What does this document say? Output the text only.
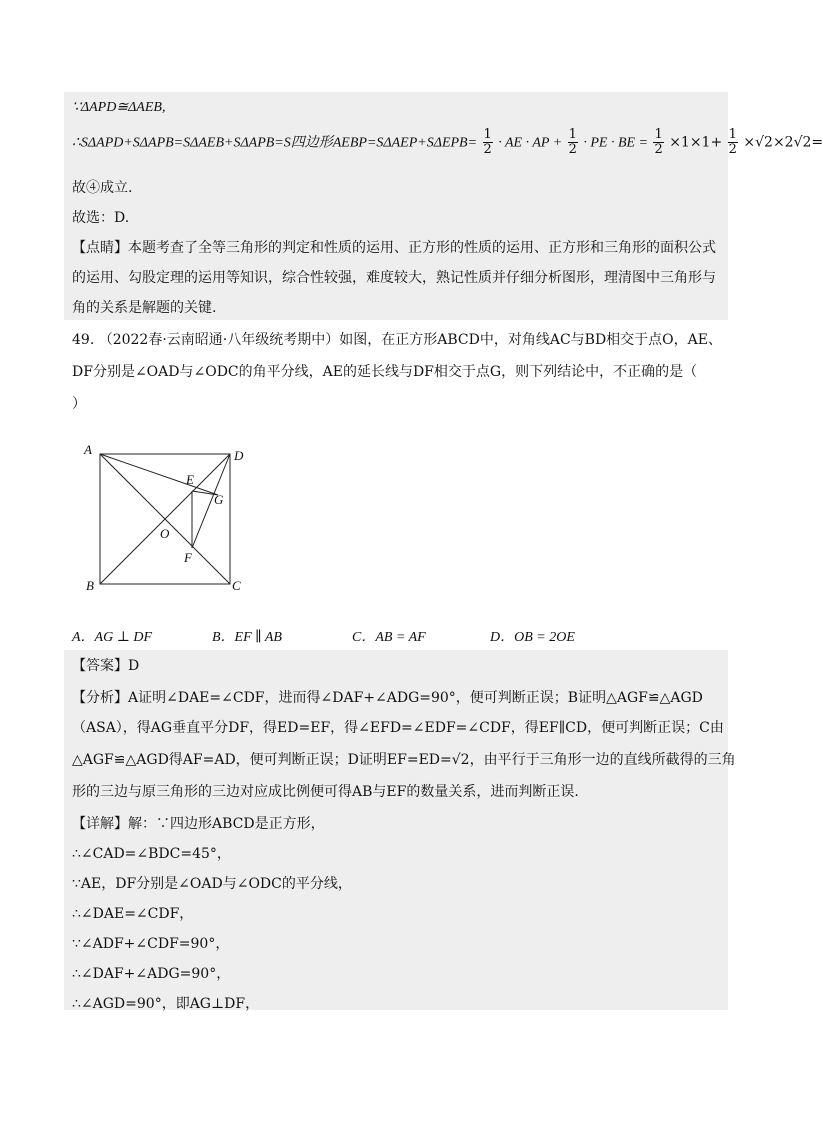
∵ΔAPD≅ΔAEB,
∴SΔAPD+SΔAPB=SΔAEB+SΔAPB=S四边形AEBP=SΔAEP+SΔEPB= $\frac{1}{2}$ · AE · AP + $\frac{1}{2}$ · PE · BE = $\frac{1}{2} \times 1\times 1+ \frac{1}{2} \times√2\times 2√2=$
故④成立.
故选：D.
【点睛】本题考查了全等三角形的判定和性质的运用、正方形的性质的运用、正方形和三角形的面积公式
的运用、勾股定理的运用等知识，综合性较强，难度较大，熟记性质并仔细分析图形，理清图中三角形与
角的关系是解题的关键.
49. （2022春·云南昭通·八年级统考期中）如图，在正方形ABCD中，对角线AC与BD相交于点O，AE、
DF分别是∠OAD与∠ODC的角平分线，AE的延长线与DF相交于点G，则下列结论中，不正确的是（
）
A	D
B	C
E
G
O
F
A．AG ⊥ DF	B．EF ∥ AB	C．AB = AF	D．OB = 2OE
【答案】D
【分析】A证明∠DAE=∠CDF，进而得∠DAF+∠ADG=90°，便可判断正误；B证明△AGF≌△AGD
（ASA），得AG垂直平分DF，得ED=EF，得∠EFD=∠EDF=∠CDF，得EF∥CD，便可判断正误；C由
△AGF≌△AGD得AF=AD，便可判断正误；D证明EF=ED=√2，由平行于三角形一边的直线所截得的三角
形的三边与原三角形的三边对应成比例便可得AB与EF的数量关系，进而判断正误.
【详解】解：∵四边形ABCD是正方形，
∴∠CAD=∠BDC=45°，
∵AE，DF分别是∠OAD与∠ODC的平分线，
∴∠DAE=∠CDF，
∵∠ADF+∠CDF=90°，
∴∠DAF+∠ADG=90°，
∴∠AGD=90°，即AG⊥DF，
